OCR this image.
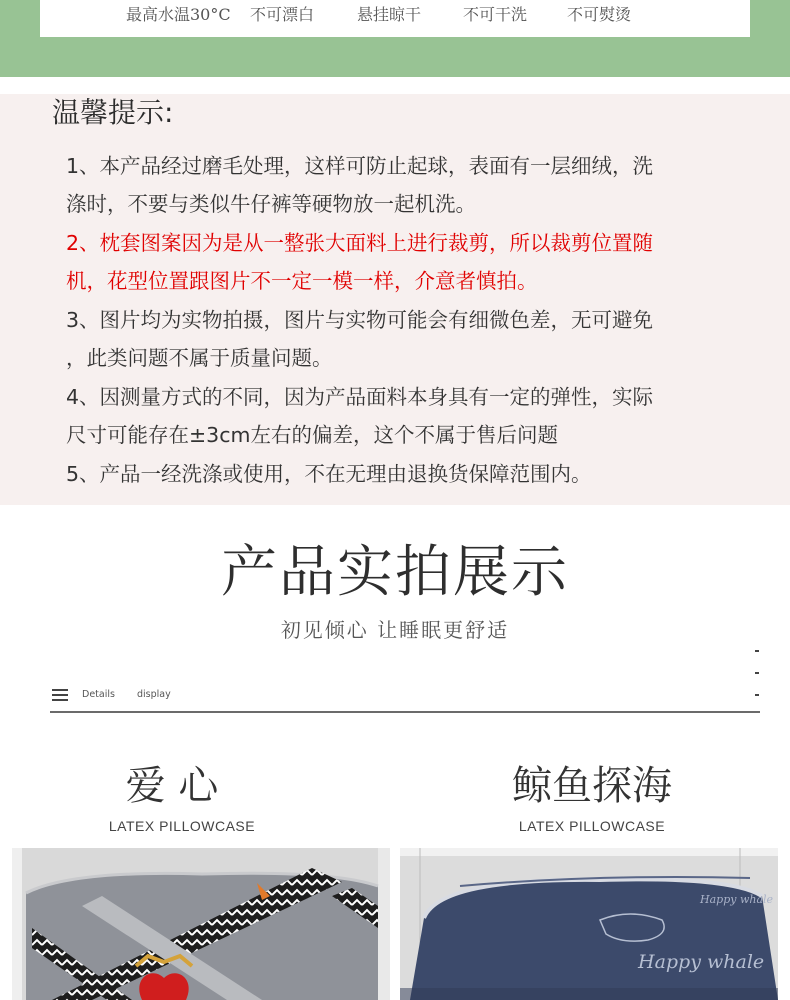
最高水温30°C 不可漂白	悬挂晾干	不可干洗 不可熨烫
温馨提示:
1、本产品经过磨毛处理，这样可防止起球，表面有一层细绒，洗
涤时，不要与类似牛仔裤等硬物放一起机洗。
2、枕套图案因为是从一整张大面料上进行裁剪，所以裁剪位置随
机，花型位置跟图片不一定一模一样，介意者慎拍。
3、图片均为实物拍摄，图片与实物可能会有细微色差，无可避免
，此类问题不属于质量问题。
4、因测量方式的不同，因为产品面料本身具有一定的弹性，实际
尺寸可能存在±3cm左右的偏差，这个不属于售后问题
5、产品一经洗涤或使用，不在无理由退换货保障范围内。
产品实拍展示
初见倾心 让睡眠更舒适
Details display
爱 心
LATEX PILLOWCASE
鲸鱼探海
LATEX PILLOWCASE
Happy whale
Happy whale
